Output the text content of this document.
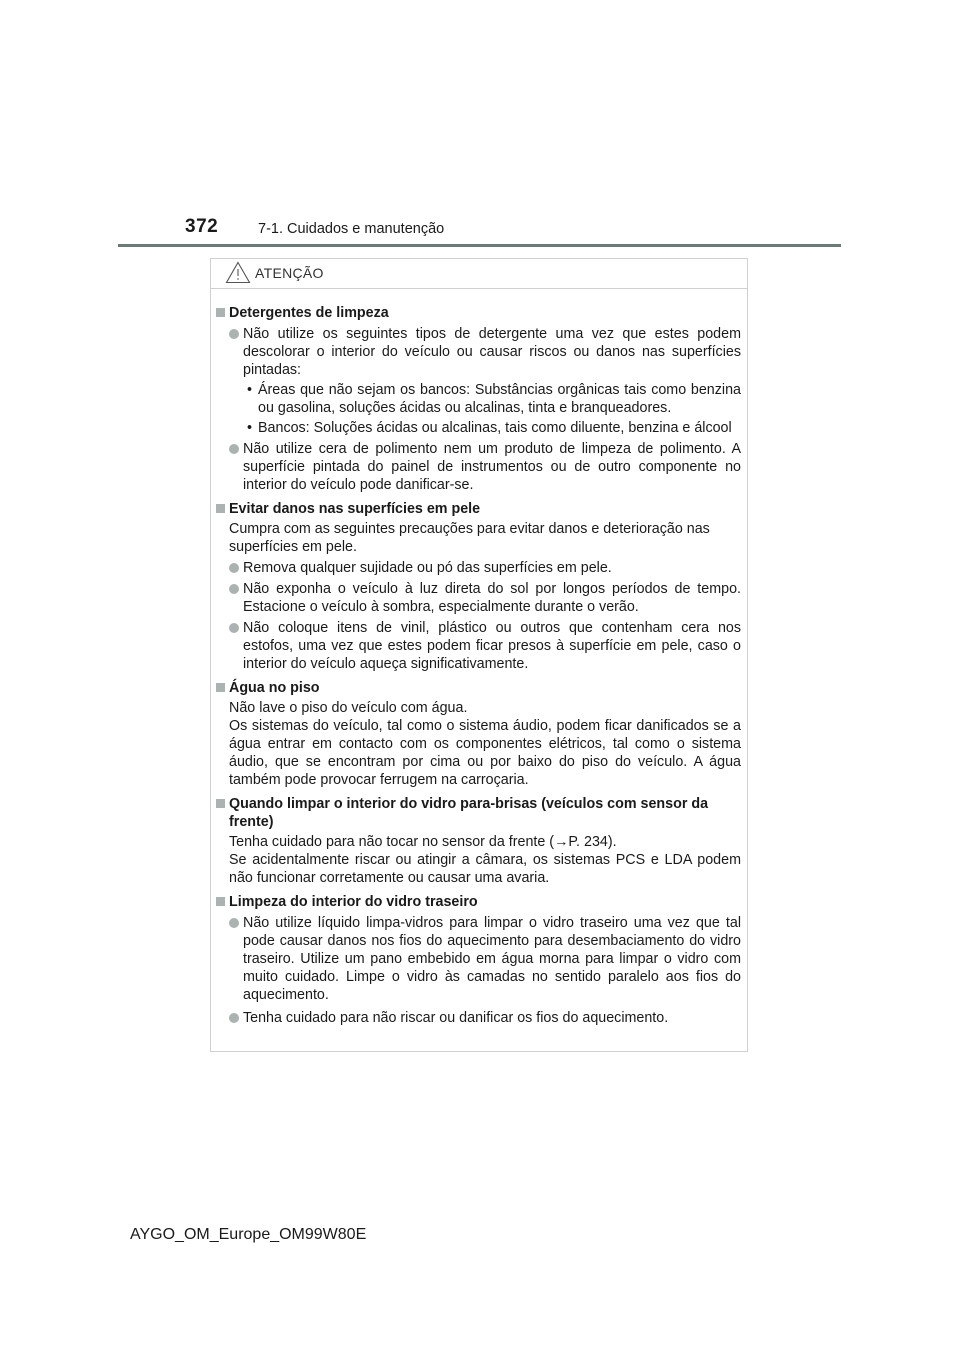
372	7-1. Cuidados e manutenção
ATENÇÃO
Detergentes de limpeza
Não utilize os seguintes tipos de detergente uma vez que estes podem descolorar o interior do veículo ou causar riscos ou danos nas superfícies pintadas:
• Áreas que não sejam os bancos: Substâncias orgânicas tais como benzina ou gasolina, soluções ácidas ou alcalinas, tinta e branqueadores.
• Bancos: Soluções ácidas ou alcalinas, tais como diluente, benzina e álcool
Não utilize cera de polimento nem um produto de limpeza de polimento. A superfície pintada do painel de instrumentos ou de outro componente no interior do veículo pode danificar-se.
Evitar danos nas superfícies em pele
Cumpra com as seguintes precauções para evitar danos e deterioração nas superfícies em pele.
Remova qualquer sujidade ou pó das superfícies em pele.
Não exponha o veículo à luz direta do sol por longos períodos de tempo. Estacione o veículo à sombra, especialmente durante o verão.
Não coloque itens de vinil, plástico ou outros que contenham cera nos estofos, uma vez que estes podem ficar presos à superfície em pele, caso o interior do veículo aqueça significativamente.
Água no piso
Não lave o piso do veículo com água.
Os sistemas do veículo, tal como o sistema áudio, podem ficar danificados se a água entrar em contacto com os componentes elétricos, tal como o sistema áudio, que se encontram por cima ou por baixo do piso do veículo. A água também pode provocar ferrugem na carroçaria.
Quando limpar o interior do vidro para-brisas (veículos com sensor da frente)
Tenha cuidado para não tocar no sensor da frente (→P. 234).
Se acidentalmente riscar ou atingir a câmara, os sistemas PCS e LDA podem não funcionar corretamente ou causar uma avaria.
Limpeza do interior do vidro traseiro
Não utilize líquido limpa-vidros para limpar o vidro traseiro uma vez que tal pode causar danos nos fios do aquecimento para desembaciamento do vidro traseiro. Utilize um pano embebido em água morna para limpar o vidro com muito cuidado. Limpe o vidro às camadas no sentido paralelo aos fios do aquecimento.
Tenha cuidado para não riscar ou danificar os fios do aquecimento.
AYGO_OM_Europe_OM99W80E
